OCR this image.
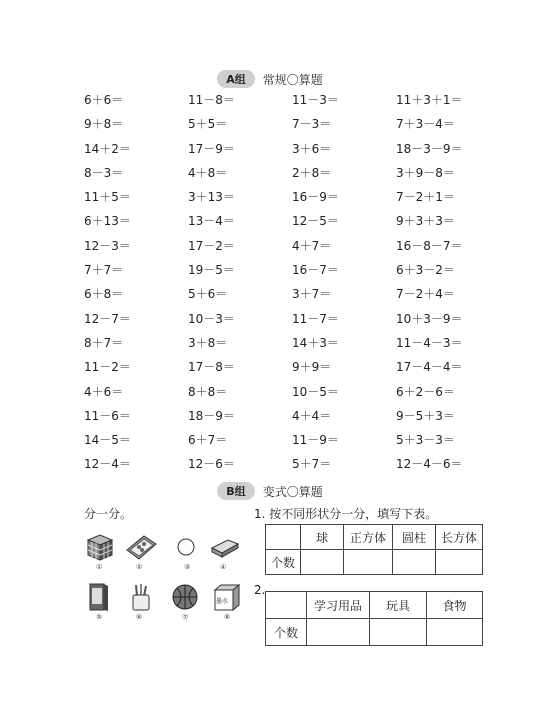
A组	常规〇算题
6＋6＝	11－8＝	11－3＝	11＋3＋1＝
9＋8＝	5＋5＝	7－3＝	7＋3－4＝
14＋2＝	17－9＝	3＋6＝	18－3－9＝
8－3＝	4＋8＝	2＋8＝	3＋9－8＝
11＋5＝	3＋13＝	16－9＝	7－2＋1＝
6＋13＝	13－4＝	12－5＝	9＋3＋3＝
12－3＝	17－2＝	4＋7＝	16－8－7＝
7＋7＝	19－5＝	16－7＝	6＋3－2＝
6＋8＝	5＋6＝	3＋7＝	7－2＋4＝
12－7＝	10－3＝	11－7＝	10＋3－9＝
8＋7＝	3＋8＝	14＋3＝	11－4－3＝
11－2＝	17－8＝	9＋9＝	17－4－4＝
4＋6＝	8＋8＝	10－5＝	6＋2－6＝
11－6＝	18－9＝	4＋4＝	9－5＋3＝
14－5＝	6＋7＝	11－9＝	5＋3－3＝
12－4＝	12－6＝	5＋7＝	12－4－6＝
B组	变式〇算题
分一分。
①	②	③	④
⑤	⑥	⑦
墨水
⑧
1. 按不同形状分一分，填写下表。
	球	正方体	圆柱	长方体
个数				
2.
	学习用品	玩具	食物
个数			
